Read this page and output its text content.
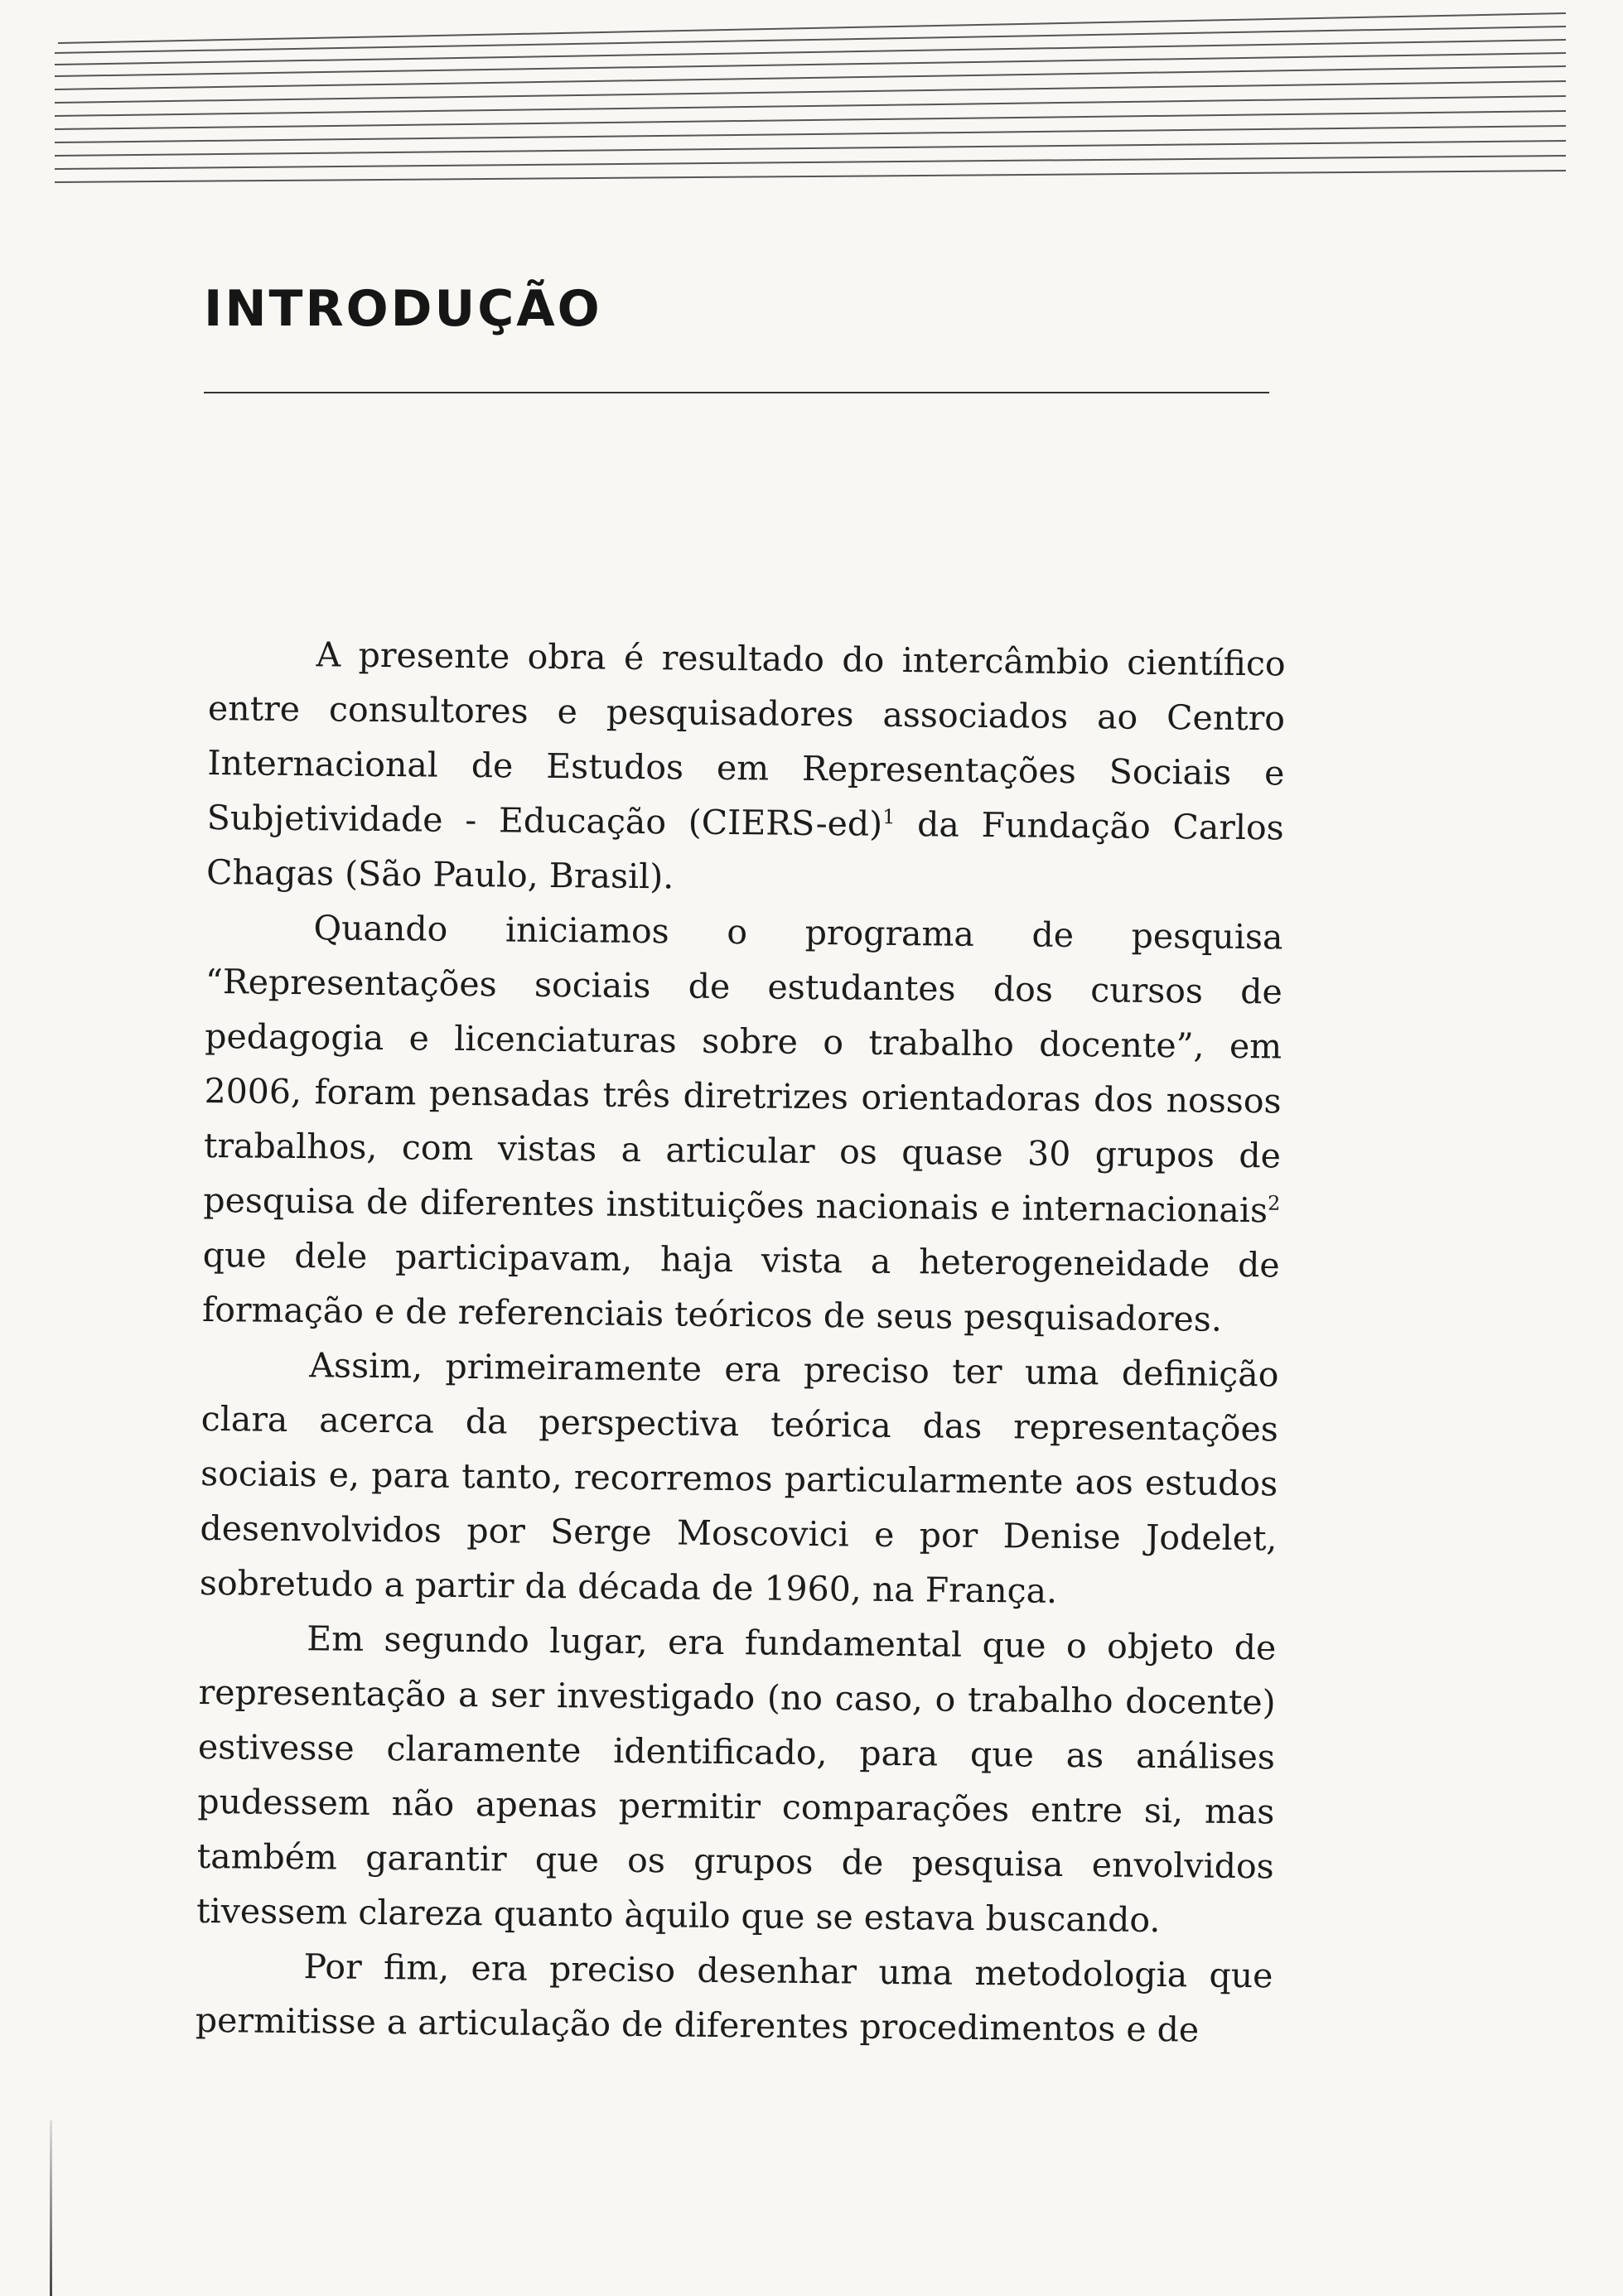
INTRODUÇÃO

A presente obra é resultado do intercâmbio científico entre consultores e pesquisadores associados ao Centro Internacional de Estudos em Representações Sociais e Subjetividade - Educação (CIERS-ed)$^1$ da Fundação Carlos Chagas (São Paulo, Brasil).

Quando iniciamos o programa de pesquisa “Representações sociais de estudantes dos cursos de pedagogia e licenciaturas sobre o trabalho docente”, em 2006, foram pensadas três diretrizes orientadoras dos nossos trabalhos, com vistas a articular os quase 30 grupos de pesquisa de diferentes instituições nacionais e internacionais$^2$ que dele participavam, haja vista a heterogeneidade de formação e de referenciais teóricos de seus pesquisadores.

Assim, primeiramente era preciso ter uma definição clara acerca da perspectiva teórica das representações sociais e, para tanto, recorremos particularmente aos estudos desenvolvidos por Serge Moscovici e por Denise Jodelet, sobretudo a partir da década de 1960, na França.

Em segundo lugar, era fundamental que o objeto de representação a ser investigado (no caso, o trabalho docente) estivesse claramente identificado, para que as análises pudessem não apenas permitir comparações entre si, mas também garantir que os grupos de pesquisa envolvidos tivessem clareza quanto àquilo que se estava buscando.

Por fim, era preciso desenhar uma metodologia que permitisse a articulação de diferentes procedimentos e de
